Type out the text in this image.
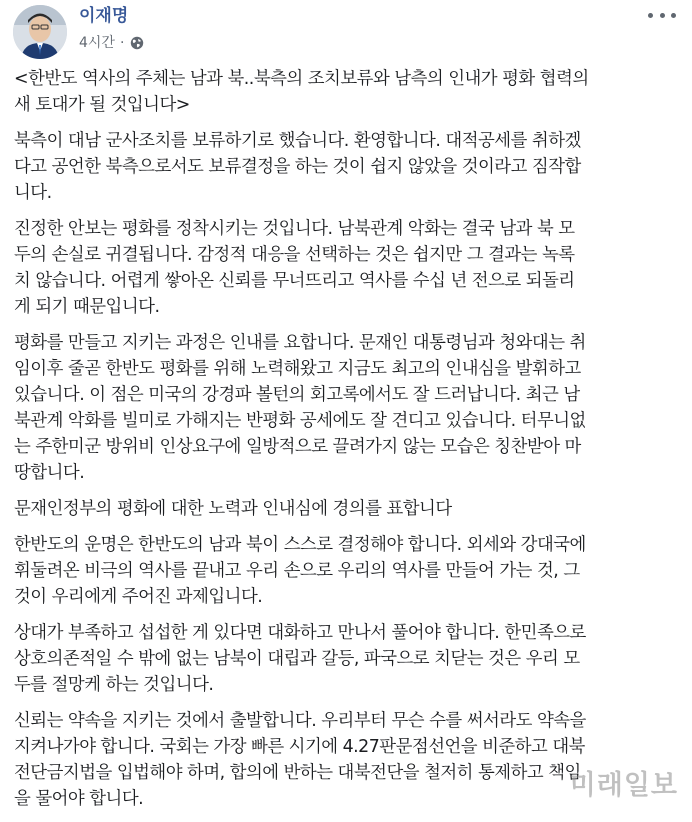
이재명
4시간 ·

<한반도 역사의 주체는 남과 북..북측의 조치보류와 남측의 인내가 평화 협력의
새 토대가 될 것입니다>

북측이 대남 군사조치를 보류하기로 했습니다. 환영합니다. 대적공세를 취하겠
다고 공언한 북측으로서도 보류결정을 하는 것이 쉽지 않았을 것이라고 짐작합
니다.

진정한 안보는 평화를 정착시키는 것입니다. 남북관계 악화는 결국 남과 북 모
두의 손실로 귀결됩니다. 감정적 대응을 선택하는 것은 쉽지만 그 결과는 녹록
치 않습니다. 어렵게 쌓아온 신뢰를 무너뜨리고 역사를 수십 년 전으로 되돌리
게 되기 때문입니다.

평화를 만들고 지키는 과정은 인내를 요합니다. 문재인 대통령님과 청와대는 취
임이후 줄곧 한반도 평화를 위해 노력해왔고 지금도 최고의 인내심을 발휘하고
있습니다. 이 점은 미국의 강경파 볼턴의 회고록에서도 잘 드러납니다. 최근 남
북관계 악화를 빌미로 가해지는 반평화 공세에도 잘 견디고 있습니다. 터무니없
는 주한미군 방위비 인상요구에 일방적으로 끌려가지 않는 모습은 칭찬받아 마
땅합니다.

문재인정부의 평화에 대한 노력과 인내심에 경의를 표합니다

한반도의 운명은 한반도의 남과 북이 스스로 결정해야 합니다. 외세와 강대국에
휘둘려온 비극의 역사를 끝내고 우리 손으로 우리의 역사를 만들어 가는 것, 그
것이 우리에게 주어진 과제입니다.

상대가 부족하고 섭섭한 게 있다면 대화하고 만나서 풀어야 합니다. 한민족으로
상호의존적일 수 밖에 없는 남북이 대립과 갈등, 파국으로 치닫는 것은 우리 모
두를 절망케 하는 것입니다.

신뢰는 약속을 지키는 것에서 출발합니다. 우리부터 무슨 수를 써서라도 약속을
지켜나가야 합니다. 국회는 가장 빠른 시기에 4.27판문점선언을 비준하고 대북
전단금지법을 입법해야 하며, 합의에 반하는 대북전단을 철저히 통제하고 책임
을 물어야 합니다.	미래일보
